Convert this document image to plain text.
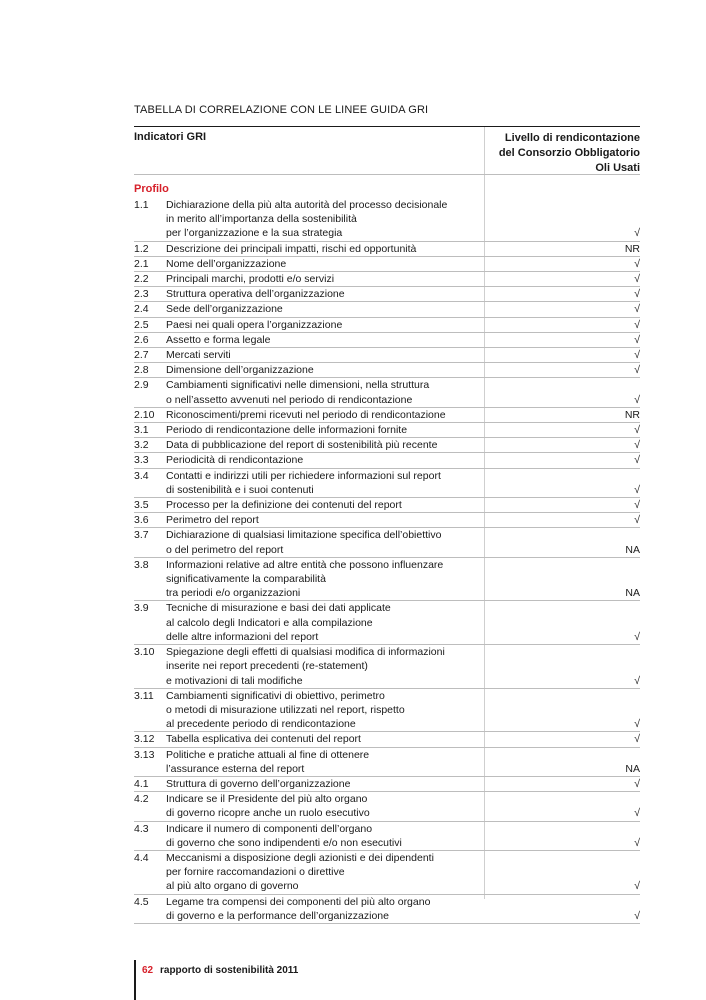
TABELLA DI CORRELAZIONE CON LE LINEE GUIDA GRI
Indicatori GRI	Livello di rendicontazione
del Consorzio Obbligatorio
Oli Usati
Profilo
1.1	Dichiarazione della più alta autorità del processo decisionale
in merito all’importanza della sostenibilità
per l’organizzazione e la sua strategia	√
1.2	Descrizione dei principali impatti, rischi ed opportunità	NR
2.1	Nome dell’organizzazione	√
2.2	Principali marchi, prodotti e/o servizi	√
2.3	Struttura operativa dell’organizzazione	√
2.4	Sede dell’organizzazione	√
2.5	Paesi nei quali opera l’organizzazione	√
2.6	Assetto e forma legale	√
2.7	Mercati serviti	√
2.8	Dimensione dell’organizzazione	√
2.9	Cambiamenti significativi nelle dimensioni, nella struttura
o nell’assetto avvenuti nel periodo di rendicontazione	√
2.10	Riconoscimenti/premi ricevuti nel periodo di rendicontazione	NR
3.1	Periodo di rendicontazione delle informazioni fornite	√
3.2	Data di pubblicazione del report di sostenibilità più recente	√
3.3	Periodicità di rendicontazione	√
3.4	Contatti e indirizzi utili per richiedere informazioni sul report
di sostenibilità e i suoi contenuti	√
3.5	Processo per la definizione dei contenuti del report	√
3.6	Perimetro del report	√
3.7	Dichiarazione di qualsiasi limitazione specifica dell’obiettivo
o del perimetro del report	NA
3.8	Informazioni relative ad altre entità che possono influenzare
significativamente la comparabilità
tra periodi e/o organizzazioni	NA
3.9	Tecniche di misurazione e basi dei dati applicate
al calcolo degli Indicatori e alla compilazione
delle altre informazioni del report	√
3.10	Spiegazione degli effetti di qualsiasi modifica di informazioni
inserite nei report precedenti (re-statement)
e motivazioni di tali modifiche	√
3.11	Cambiamenti significativi di obiettivo, perimetro
o metodi di misurazione utilizzati nel report, rispetto
al precedente periodo di rendicontazione	√
3.12	Tabella esplicativa dei contenuti del report	√
3.13	Politiche e pratiche attuali al fine di ottenere
l’assurance esterna del report	NA
4.1	Struttura di governo dell’organizzazione	√
4.2	Indicare se il Presidente del più alto organo
di governo ricopre anche un ruolo esecutivo	√
4.3	Indicare il numero di componenti dell’organo
di governo che sono indipendenti e/o non esecutivi	√
4.4	Meccanismi a disposizione degli azionisti e dei dipendenti
per fornire raccomandazioni o direttive
al più alto organo di governo	√
4.5	Legame tra compensi dei componenti del più alto organo
di governo e la performance dell’organizzazione	√
62 rapporto di sostenibilità 2011
